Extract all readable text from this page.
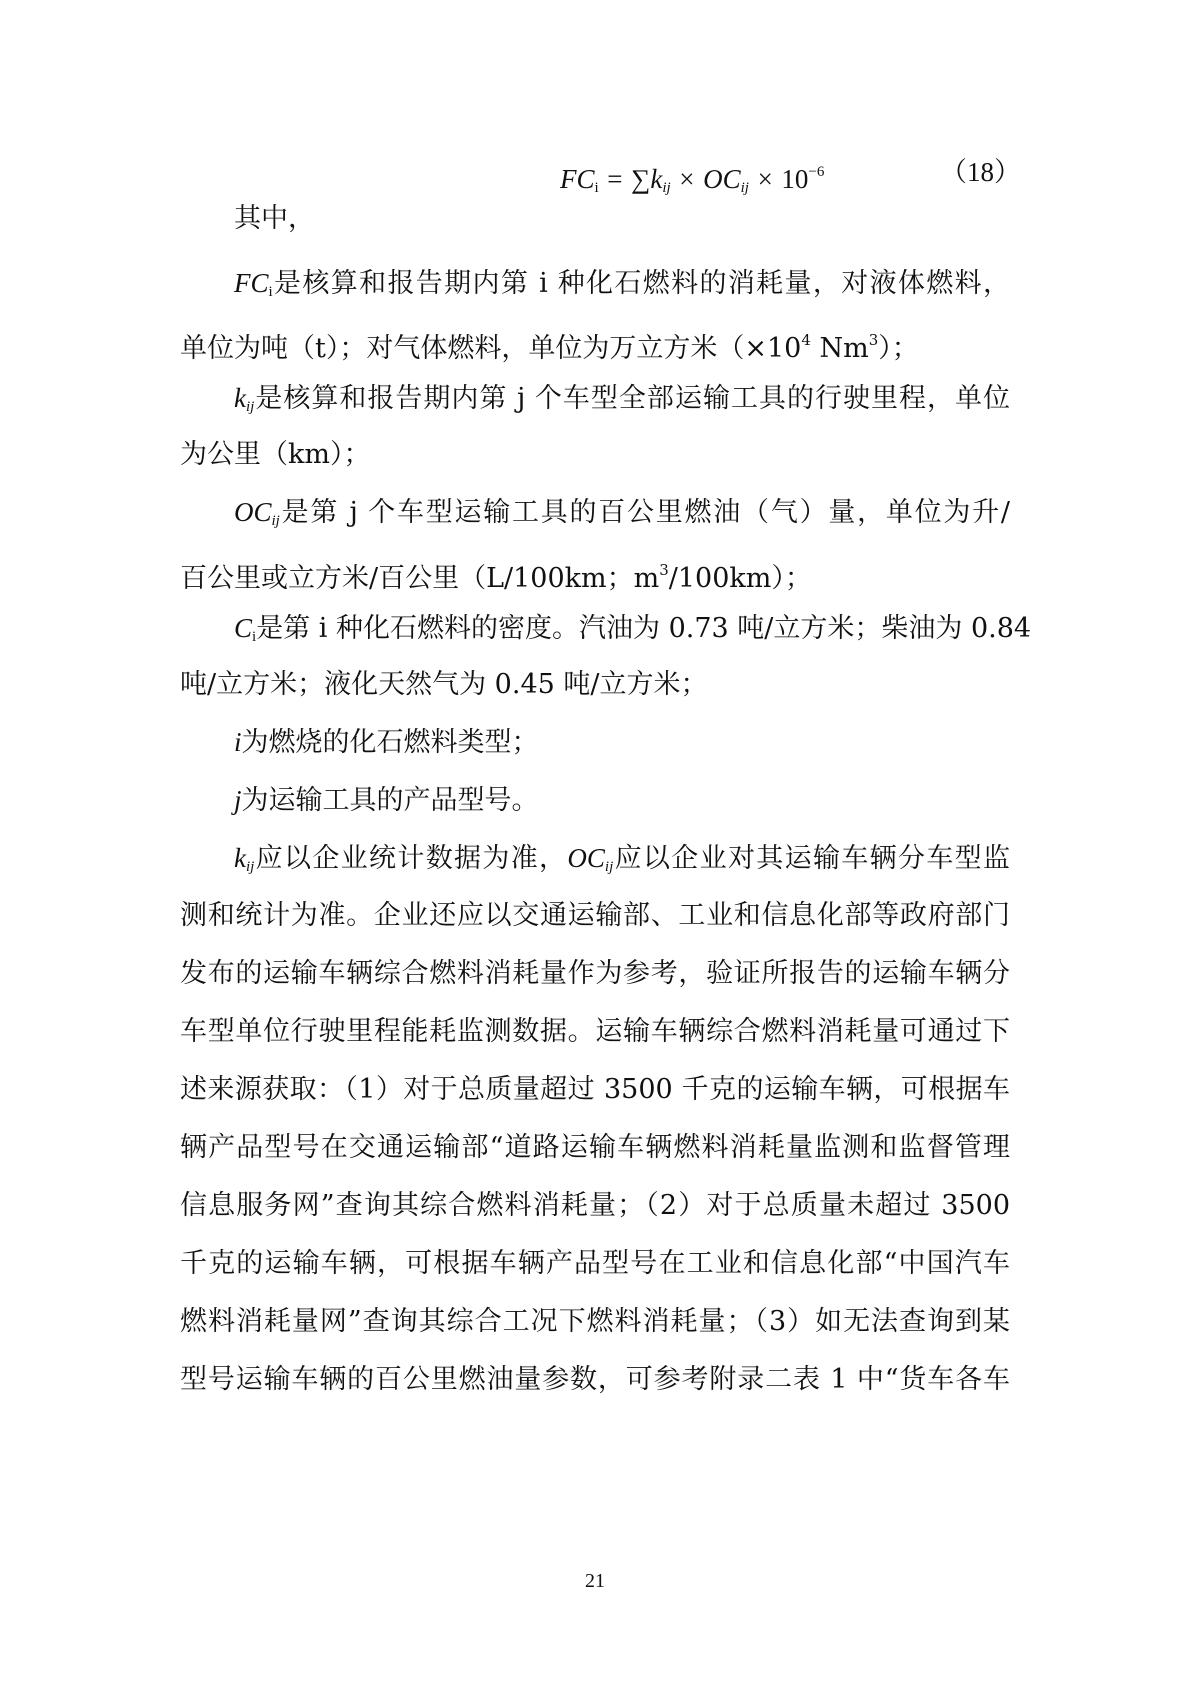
$FC_i = \sum k_{ij} \times OC_{ij} \times 10^{-6}$	（18）
其中，
$FC_i$是核算和报告期内第 i 种化石燃料的消耗量，对液体燃料，
单位为吨（t）；对气体燃料，单位为万立方米（$\times 10^4$ Nm$^3$）；
$k_{ij}$是核算和报告期内第 j 个车型全部运输工具的行驶里程，单位
为公里（km）；
$OC_{ij}$是第 j 个车型运输工具的百公里燃油（气）量，单位为升/
百公里或立方米/百公里（L/100km；$m^3/100km$）；
$C_i$是第 i 种化石燃料的密度。汽油为 0.73 吨/立方米；柴油为 0.84
吨/立方米；液化天然气为 0.45 吨/立方米；
i为燃烧的化石燃料类型；
j为运输工具的产品型号。
$k_{ij}$应以企业统计数据为准，$OC_{ij}$应以企业对其运输车辆分车型监
测和统计为准。企业还应以交通运输部、工业和信息化部等政府部门
发布的运输车辆综合燃料消耗量作为参考，验证所报告的运输车辆分
车型单位行驶里程能耗监测数据。运输车辆综合燃料消耗量可通过下
述来源获取：（1）对于总质量超过 3500 千克的运输车辆，可根据车
辆产品型号在交通运输部“道路运输车辆燃料消耗量监测和监督管理
信息服务网”查询其综合燃料消耗量；（2）对于总质量未超过 3500
千克的运输车辆，可根据车辆产品型号在工业和信息化部“中国汽车
燃料消耗量网”查询其综合工况下燃料消耗量；（3）如无法查询到某
型号运输车辆的百公里燃油量参数，可参考附录二表 1 中“货车各车
21
